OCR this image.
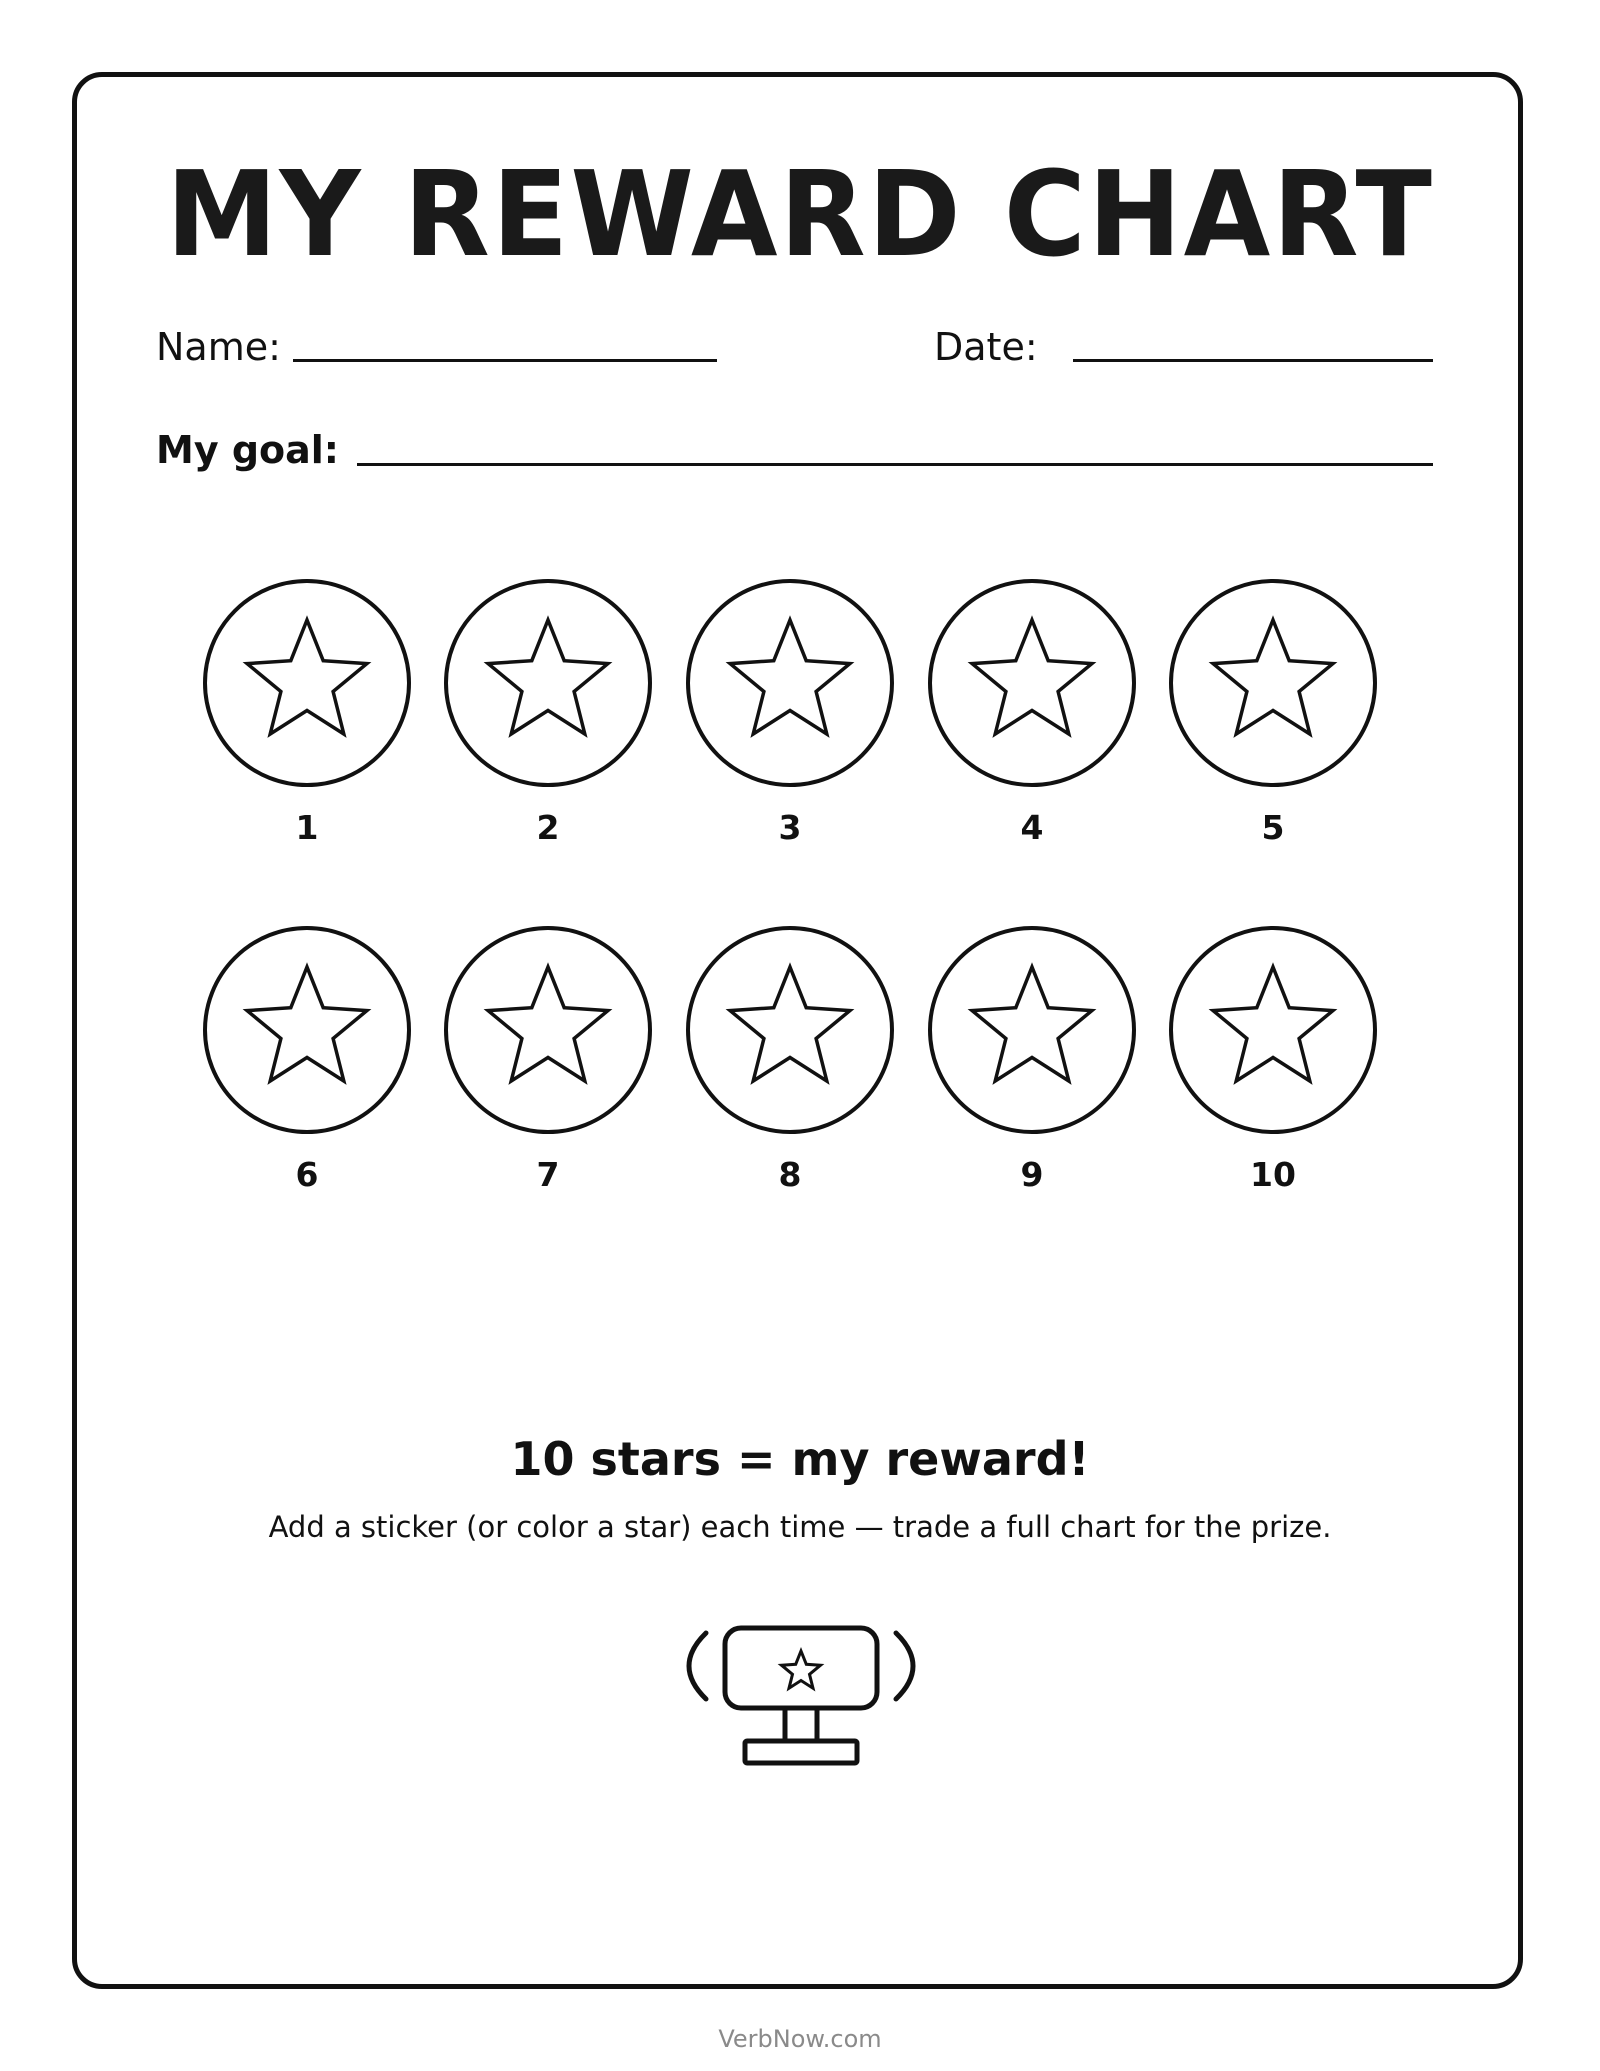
MY REWARD CHART
Name:	Date:
My goal:
1	2	3	4	5
6	7	8	9	10
10 stars = my reward!
Add a sticker (or color a star) each time — trade a full chart for the prize.
VerbNow.com
